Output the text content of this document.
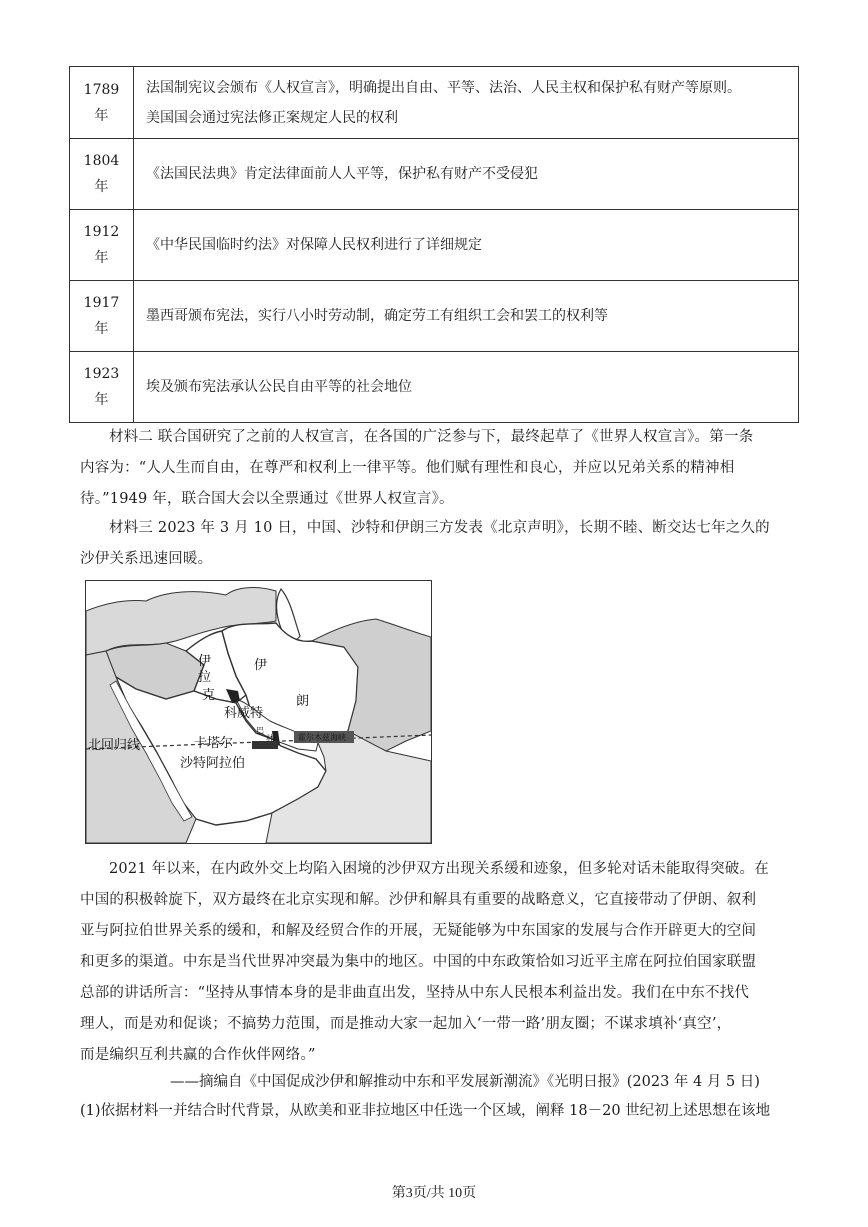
1789
年	法国制宪议会颁布《人权宣言》，明确提出自由、平等、法治、人民主权和保护私有财产等原则。
美国国会通过宪法修正案规定人民的权利
1804
年	《法国民法典》肯定法律面前人人平等，保护私有财产不受侵犯
1912
年	《中华民国临时约法》对保障人民权利进行了详细规定
1917
年	墨西哥颁布宪法，实行八小时劳动制，确定劳工有组织工会和罢工的权利等
1923
年	埃及颁布宪法承认公民自由平等的社会地位
材料二 联合国研究了之前的人权宣言，在各国的广泛参与下，最终起草了《世界人权宣言》。第一条
内容为：“人人生而自由，在尊严和权利上一律平等。他们赋有理性和良心，并应以兄弟关系的精神相
待。”1949 年，联合国大会以全票通过《世界人权宣言》。
材料三 2023 年 3 月 10 日，中国、沙特和伊朗三方发表《北京声明》，长期不睦、断交达七年之久的
沙伊关系迅速回暖。
伊
拉
克
伊
朗
科威特
卡塔尔
沙特阿拉伯
北回归线
霍尔木兹海峡
巴
林
2021 年以来，在内政外交上均陷入困境的沙伊双方出现关系缓和迹象，但多轮对话未能取得突破。在
中国的积极斡旋下，双方最终在北京实现和解。沙伊和解具有重要的战略意义，它直接带动了伊朗、叙利
亚与阿拉伯世界关系的缓和，和解及经贸合作的开展，无疑能够为中东国家的发展与合作开辟更大的空间
和更多的渠道。中东是当代世界冲突最为集中的地区。中国的中东政策恰如习近平主席在阿拉伯国家联盟
总部的讲话所言：“坚持从事情本身的是非曲直出发，坚持从中东人民根本利益出发。我们在中东不找代
理人，而是劝和促谈；不搞势力范围，而是推动大家一起加入‘一带一路’朋友圈；不谋求填补‘真空’，
而是编织互利共赢的合作伙伴网络。”
——摘编自《中国促成沙伊和解推动中东和平发展新潮流》《光明日报》(2023 年 4 月 5 日)
(1)依据材料一并结合时代背景，从欧美和亚非拉地区中任选一个区域，阐释 18－20 世纪初上述思想在该地
第3页/共 10页
